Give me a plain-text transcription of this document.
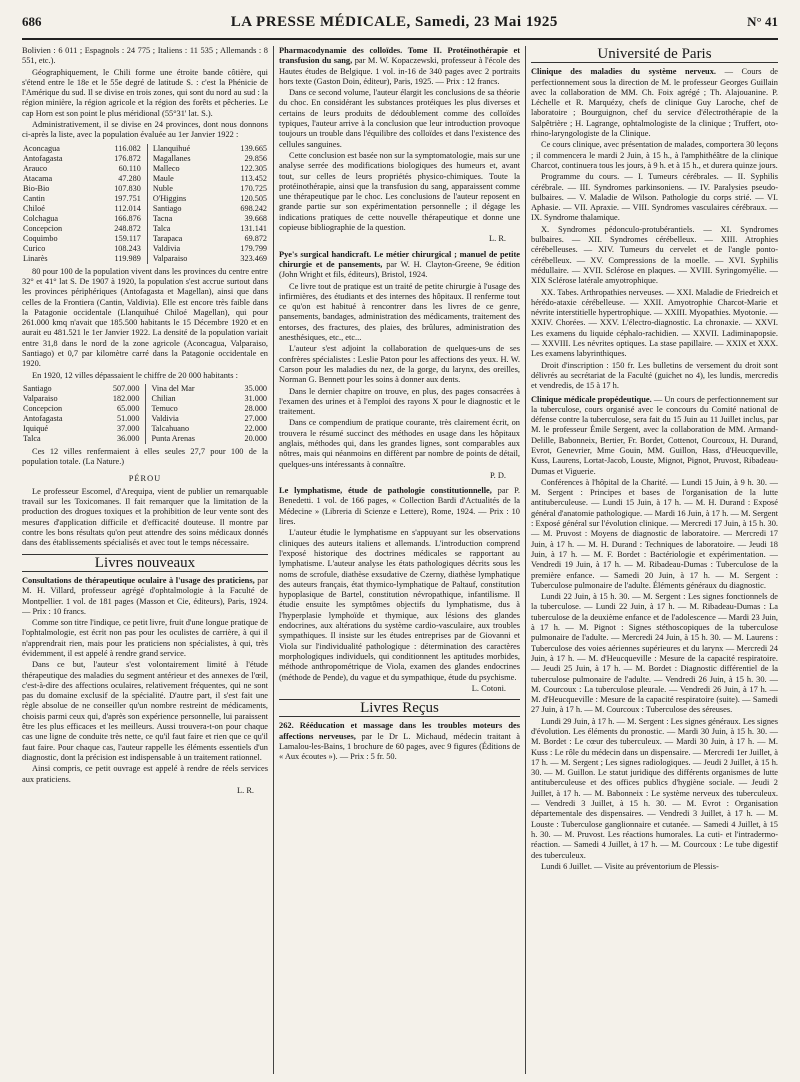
686	LA PRESSE MÉDICALE, Samedi, 23 Mai 1925	N° 41

Bolivien : 6 011 ; Espagnols : 24 775 ; Italiens : 11 535 ; Allemands : 8 551, etc.).

Géographiquement, le Chili forme une étroite bande côtière, qui s'étend entre le 18e et le 55e degré de latitude S. : c'est la Phénicie de l'Amérique du sud. Il se divise en trois zones, qui sont du nord au sud : la région minière, la région agricole et la région des forêts et pêcheries. Le cap Horn est son point le plus méridional (55°31' lat. S.).

Administrativement, il se divise en 24 provinces, dont nous donnons ci-après la liste, avec la population évaluée au 1er Janvier 1922 :

Aconcagua	116.082	Llanquihué	139.665
Antofagasta	176.872	Magallanes	29.856
Arauco	60.110	Malleco	122.305
Atacama	47.280	Maule	113.452
Bio-Bio	107.830	Nuble	170.725
Cantin	197.751	O'Higgins	120.505
Chiloé	112.014	Santiago	698.242
Colchagua	166.876	Tacna	39.668
Concepcion	248.872	Talca	131.141
Coquimbo	159.117	Tarapaca	69.872
Curico	108.243	Valdivia	179.799
Linarès	119.989	Valparaiso	323.469

80 pour 100 de la population vivent dans les provinces du centre entre 32° et 41° lat S. De 1907 à 1920, la population s'est accrue surtout dans les provinces périphériques (Antofagasta et Magellan), ainsi que dans celles de la Frontiera (Cantin, Valdivia). Elle est encore très faible dans la Patagonie occidentale (Llanquihué Chiloé Magellan), qui pour 261.000 kmq n'avait que 185.500 habitants le 15 Décembre 1920 et en aurait eu 481.521 le 1er Janvier 1922. La densité de la population variait entre 31,8 dans le nord de la zone agricole (Aconcagua, Valparaiso, Santiago) et 0,7 par kilomètre carré dans la Patagonie occidentale en 1920.

En 1920, 12 villes dépassaient le chiffre de 20 000 habitants :

Santiago	507.000	Vina del Mar	35.000
Valparaiso	182.000	Chilian	31.000
Concepcion	65.000	Temuco	28.000
Antofagasta	51.000	Valdivia	27.000
Iquiqué	37.000	Talcahuano	22.000
Talca	36.000	Punta Arenas	20.000

Ces 12 villes renfermaient à elles seules 27,7 pour 100 de la population totale. (La Nature.)

PÉROU

Le professeur Escomel, d'Arequipa, vient de publier un remarquable travail sur les Toxicomanes. Il fait remarquer que la limitation de la production des drogues toxiques et la prohibition de leur vente sont des mesures d'application difficile et d'efficacité douteuse. Il montre par contre les bons résultats qu'on peut attendre des soins médicaux donnés dans des établissements spécialisés et avec tout le temps nécessaire.

Livres nouveaux

Consultations de thérapeutique oculaire à l'usage des praticiens, par M. H. Villard, professeur agrégé d'ophtalmologie à la Faculté de Montpellier. 1 vol. de 181 pages (Masson et Cie, éditeurs), Paris, 1924. — Prix : 10 francs.

Comme son titre l'indique, ce petit livre, fruit d'une longue pratique de l'ophtalmologie, est écrit non pas pour les oculistes de carrière, à qui il n'apprendrait rien, mais pour les praticiens non spécialistes, à qui, très évidemment, il est appelé à rendre grand service.

Dans ce but, l'auteur s'est volontairement limité à l'étude thérapeutique des maladies du segment antérieur et des annexes de l'œil, c'est-à-dire des affections oculaires, relativement fréquentes, qui ne sont pas du domaine exclusif de la spécialité. D'autre part, il s'est fait une règle absolue de ne conseiller qu'un nombre restreint de médicaments, choisis parmi ceux qui, d'après son expérience personnelle, lui paraissent être les plus efficaces et les meilleurs. Aussi trouvera-t-on pour chaque cas une ligne de conduite très nette, ce qu'il faut faire et rien que ce qu'il faut faire. Pour chaque cas, l'auteur rappelle les éléments essentiels d'un diagnostic, dont la précision est indispensable à un traitement rationnel.

Ainsi compris, ce petit ouvrage est appelé à rendre de réels services aux praticiens.

L. R.

Pharmacodynamie des colloïdes. Tome II. Protéinothérapie et transfusion du sang, par M. W. Kopaczewski, professeur à l'école des Hautes études de Belgique. 1 vol. in-16 de 340 pages avec 2 portraits hors texte (Gaston Doin, éditeur), Paris, 1925. — Prix : 12 francs.

Dans ce second volume, l'auteur élargit les conclusions de sa théorie du choc. En considérant les substances protéiques les plus diverses et certains de leurs produits de dédoublement comme des colloïdes typiques, l'auteur arrive à la conclusion que leur introduction provoque toujours un trouble dans l'équilibre des colloïdes et dans l'existence des cellules sanguines.

Cette conclusion est basée non sur la symptomatologie, mais sur une analyse serrée des modifications biologiques des humeurs et, avant tout, sur celles de leurs propriétés physico-chimiques. Toute la protéinothérapie, ainsi que la transfusion du sang, apparaissent comme une thérapeutique par le choc. Les conclusions de l'auteur reposent en grande partie sur son expérimentation personnelle ; il dégage les indications pratiques de cette nouvelle thérapeutique et donne une copieuse bibliographie de la question.

L. R.

Pye's surgical handicraft. Le métier chirurgical ; manuel de petite chirurgie et de pansements, par W. H. Clayton-Greene, 9e édition (John Wright et fils, éditeurs), Bristol, 1924.

Ce livre tout de pratique est un traité de petite chirurgie à l'usage des infirmières, des étudiants et des internes des hôpitaux. Il renferme tout ce qu'on est habitué à rencontrer dans les livres de ce genre, pansements, bandages, administration des médicaments, traitement des entorses, des fractures, des plaies, des brûlures, administration des anesthésiques, etc., etc...

L'auteur s'est adjoint la collaboration de quelques-uns de ses confrères spécialistes : Leslie Paton pour les affections des yeux. H. W. Carson pour les maladies du nez, de la gorge, du larynx, des oreilles, Norman G. Bennett pour les soins à donner aux dents.

Dans le dernier chapitre on trouve, en plus, des pages consacrées à l'examen des urines et à l'emploi des rayons X pour le diagnostic et le traitement.

Dans ce compendium de pratique courante, très clairement écrit, on trouvera le résumé succinct des méthodes en usage dans les hôpitaux anglais, méthodes qui, dans les grandes lignes, sont comparables aux nôtres, mais qui néanmoins en diffèrent par nombre de points de détail, quelques-uns intéressants à connaître.

P. D.

Le lymphatisme, étude de pathologie constitutionnelle, par P. Benedetti. 1 vol. de 166 pages, « Collection Bardi d'Actualités de la Médecine » (Libreria di Scienze e Lettere), Rome, 1924. — Prix : 10 lires.

L'auteur étudie le lymphatisme en s'appuyant sur les observations cliniques des auteurs italiens et allemands. L'introduction comprend l'exposé historique des doctrines médicales se rapportant au lymphatisme. L'auteur analyse les états pathologiques décrits sous les noms de scrofule, diathèse exsudative de Czerny, diathèse lymphatique des auteurs français, état thymico-lymphatique de Paltauf, constitution hypoplasique de Bartel, constitution névropathique, infantilisme. Il étudie ensuite les symptômes objectifs du lymphatisme, dus à l'hyperplasie lymphoïde et thymique, aux lésions des glandes endocrines, aux altérations du système cardio-vasculaire, aux troubles sympathiques. Il insiste sur les études entreprises par de Giovanni et Viola sur l'individualité pathologique : détermination des caractères morphologiques individuels, qui conditionnent les aptitudes morbides, méthode anthropométrique de Viola, examen des glandes endocrines (méthode de Pende), du vague et du sympathique, étude du psychisme.

L. Cotoni.
Livres Reçus

262. Rééducation et massage dans les troubles moteurs des affections nerveuses, par le Dr L. Michaud, médecin traitant à Lamalou-les-Bains, 1 brochure de 60 pages, avec 9 figures (Éditions de « Aux écoutes »). — Prix : 5 fr. 50.

Université de Paris

Clinique des maladies du système nerveux. — Cours de perfectionnement sous la direction de M. le professeur Georges Guillain avec la collaboration de MM. Ch. Foix agrégé ; Th. Alajouanine. P. Léchelle et R. Marquézy, chefs de clinique Guy Laroche, chef de laboratoire ; Bourguignon, chef du service d'électrothérapie de la Salpêtrière ; H. Lagrange, ophtalmologiste de la clinique ; Truffert, oto-rhino-laryngologiste de la Clinique.

Ce cours clinique, avec présentation de malades, comportera 30 leçons ; il commencera le mardi 2 Juin, à 15 h., à l'amphithéâtre de la clinique Charcot, continuera tous les jours, à 9 h. et à 15 h., et durera quinze jours.

Programme du cours. — I. Tumeurs cérébrales. — II. Syphilis cérébrale. — III. Syndromes parkinsoniens. — IV. Paralysies pseudo-bulbaires. — V. Maladie de Wilson. Pathologie du corps strié. — VI. Aphasie. — VII. Apraxie. — VIII. Syndromes vasculaires cérébraux. — IX. Syndrome thalamique.

X. Syndromes pédonculo-protubérantiels. — XI. Syndromes bulbaires. — XII. Syndromes cérébelleux. — XIII. Atrophies cérébelleuses. — XIV. Tumeurs du cervelet et de l'angle ponto-cérébelleux. — XV. Compressions de la moelle. — XVI. Syphilis médullaire. — XVII. Sclérose en plaques. — XVIII. Syringomyélie. — XIX Sclérose latérale amyotrophique.

XX. Tabes. Arthropathies nerveuses. — XXI. Maladie de Friedreich et hérédo-ataxie cérébelleuse. — XXII. Amyotrophie Charcot-Marie et névrite interstitielle hypertrophique. — XXIII. Myopathies. Myotonie. — XXIV. Chorées. — XXV. L'électro-diagnostic. La chronaxie. — XXVI. Les examens du liquide céphalo-rachidien. — XXVII. Ladiminapopsie. — XXVIII. Les névrites optiques. La stase papillaire. — XXIX et XXX. Les examens labyrinthiques.

Droit d'inscription : 150 fr. Les bulletins de versement du droit sont délivrés au secrétariat de la Faculté (guichet no 4), les lundis, mercredis et vendredis, de 15 à 17 h.

Clinique médicale propédeutique. — Un cours de perfectionnement sur la tuberculose, cours organisé avec le concours du Comité national de défense contre la tuberculose, sera fait du 15 Juin au 11 Juillet inclus, par M. le professeur Émile Sergent, avec la collaboration de MM. Armand-Delille, Babonneix, Bertier, Fr. Bordet, Cottenot, Courcoux, H. Durand, Evrot, Genevrier, Mme Gouin, MM. Guillon, Hass, d'Heucqueville, Kuss, Laurens, Lortat-Jacob, Louste, Mignot, Pignot, Pruvost, Ribadeau-Dumas et Viguerie.

Conférences à l'hôpital de la Charité. — Lundi 15 Juin, à 9 h. 30. — M. Sergent : Principes et bases de l'organisation de la lutte antituberculeuse. — Lundi 15 Juin, à 17 h. — M. H. Durand : Exposé général d'anatomie pathologique. — Mardi 16 Juin, à 17 h. — M. Sergent : Exposé général sur l'évolution clinique. — Mercredi 17 Juin, à 15 h. 30. — M. Pruvost : Moyens de diagnostic de laboratoire. — Mercredi 17 Juin, à 17 h. — M. H. Durand : Techniques de laboratoire. — Jeudi 18 Juin, à 17 h. — M. F. Bordet : Bactériologie et expérimentation. — Vendredi 19 Juin, à 17 h. — M. Ribadeau-Dumas : Tuberculose de la première enfance. — Samedi 20 Juin, à 17 h. — M. Sergent : Tuberculose pulmonaire de l'adulte. Éléments généraux du diagnostic.

Lundi 22 Juin, à 15 h. 30. — M. Sergent : Les signes fonctionnels de la tuberculose. — Lundi 22 Juin, à 17 h. — M. Ribadeau-Dumas : La tuberculose de la deuxième enfance et de l'adolescence — Mardi 23 Juin, à 17 h. — M. Pignot : Signes stéthoscopiques de la tuberculose pulmonaire de l'adulte. — Mercredi 24 Juin, à 15 h. 30. — M. Laurens : Tuberculose des voies aériennes supérieures et du larynx — Mercredi 24 Juin, à 17 h. — M. d'Heucqueville : Mesure de la capacité respiratoire. — Jeudi 25 Juin, à 17 h. — M. Bordet : Diagnostic différentiel de la tuberculose pulmonaire de l'adulte. — Vendredi 26 Juin, à 15 h. 30. — M. Courcoux : La tuberculose pleurale. — Vendredi 26 Juin, à 17 h. — M. d'Heucqueville : Mesure de la capacité respiratoire (suite). — Samedi 27 Juin, à 17 h. — M. Courcoux : Tuberculose des séreuses.

Lundi 29 Juin, à 17 h. — M. Sergent : Les signes généraux. Les signes d'évolution. Les éléments du pronostic. — Mardi 30 Juin, à 15 h. 30. — M. Bordet : Le cœur des tuberculeux. — Mardi 30 Juin, à 17 h. — M. Kuss : Le rôle du médecin dans un dispensaire. — Mercredi 1er Juillet, à 17 h. — M. Sergent ; Les signes radiologiques. — Jeudi 2 Juillet, à 15 h. 30. — M. Guillon. Le statut juridique des différents organismes de lutte antituberculeuse et des offices publics d'hygiène sociale. — Jeudi 2 Juillet, à 17 h. — M. Babonneix : Le système nerveux des tuberculeux. — Vendredi 3 Juillet, à 15 h. 30. — M. Evrot : Organisation départementale des dispensaires. — Vendredi 3 Juillet, à 17 h. — M. Louste : Tuberculose ganglionnaire et cutanée. — Samedi 4 Juillet, à 15 h. 30. — M. Pruvost. Les réactions humorales. La cuti- et l'intradermo-réaction. — Samedi 4 Juillet, à 17 h. — M. Courcoux : Le tube digestif des tuberculeux.

Lundi 6 Juillet. — Visite au préventorium de Plessis-
